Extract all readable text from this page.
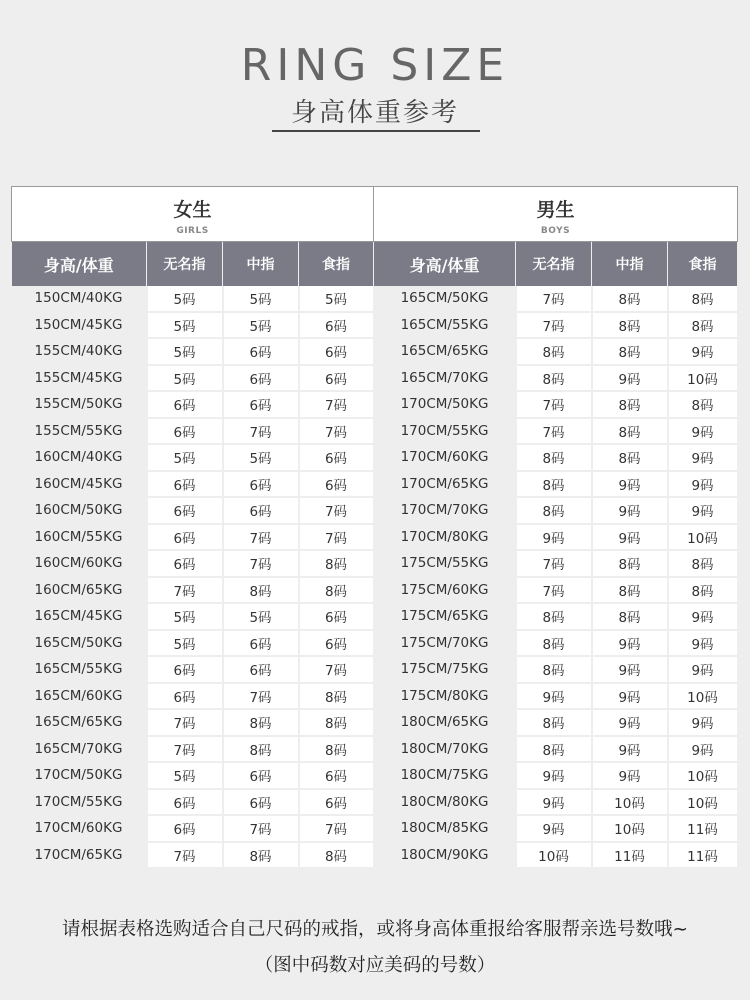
RING SIZE
身高体重参考
女生
GIRLS				男生
BOYS			

身高/体重	无名指	中指	食指	身高/体重	无名指	中指	食指
150CM/40KG	5码	5码	5码	165CM/50KG	7码	8码	8码
150CM/45KG	5码	5码	6码	165CM/55KG	7码	8码	8码
155CM/40KG	5码	6码	6码	165CM/65KG	8码	8码	9码
155CM/45KG	5码	6码	6码	165CM/70KG	8码	9码	10码
155CM/50KG	6码	6码	7码	170CM/50KG	7码	8码	8码
155CM/55KG	6码	7码	7码	170CM/55KG	7码	8码	9码
160CM/40KG	5码	5码	6码	170CM/60KG	8码	8码	9码
160CM/45KG	6码	6码	6码	170CM/65KG	8码	9码	9码
160CM/50KG	6码	6码	7码	170CM/70KG	8码	9码	9码
160CM/55KG	6码	7码	7码	170CM/80KG	9码	9码	10码
160CM/60KG	6码	7码	8码	175CM/55KG	7码	8码	8码
160CM/65KG	7码	8码	8码	175CM/60KG	7码	8码	8码
165CM/45KG	5码	5码	6码	175CM/65KG	8码	8码	9码
165CM/50KG	5码	6码	6码	175CM/70KG	8码	9码	9码
165CM/55KG	6码	6码	7码	175CM/75KG	8码	9码	9码
165CM/60KG	6码	7码	8码	175CM/80KG	9码	9码	10码
165CM/65KG	7码	8码	8码	180CM/65KG	8码	9码	9码
165CM/70KG	7码	8码	8码	180CM/70KG	8码	9码	9码
170CM/50KG	5码	6码	6码	180CM/75KG	9码	9码	10码
170CM/55KG	6码	6码	6码	180CM/80KG	9码	10码	10码
170CM/60KG	6码	7码	7码	180CM/85KG	9码	10码	11码
170CM/65KG	7码	8码	8码	180CM/90KG	10码	11码	11码
请根据表格选购适合自己尺码的戒指，或将身高体重报给客服帮亲选号数哦~
（图中码数对应美码的号数）
